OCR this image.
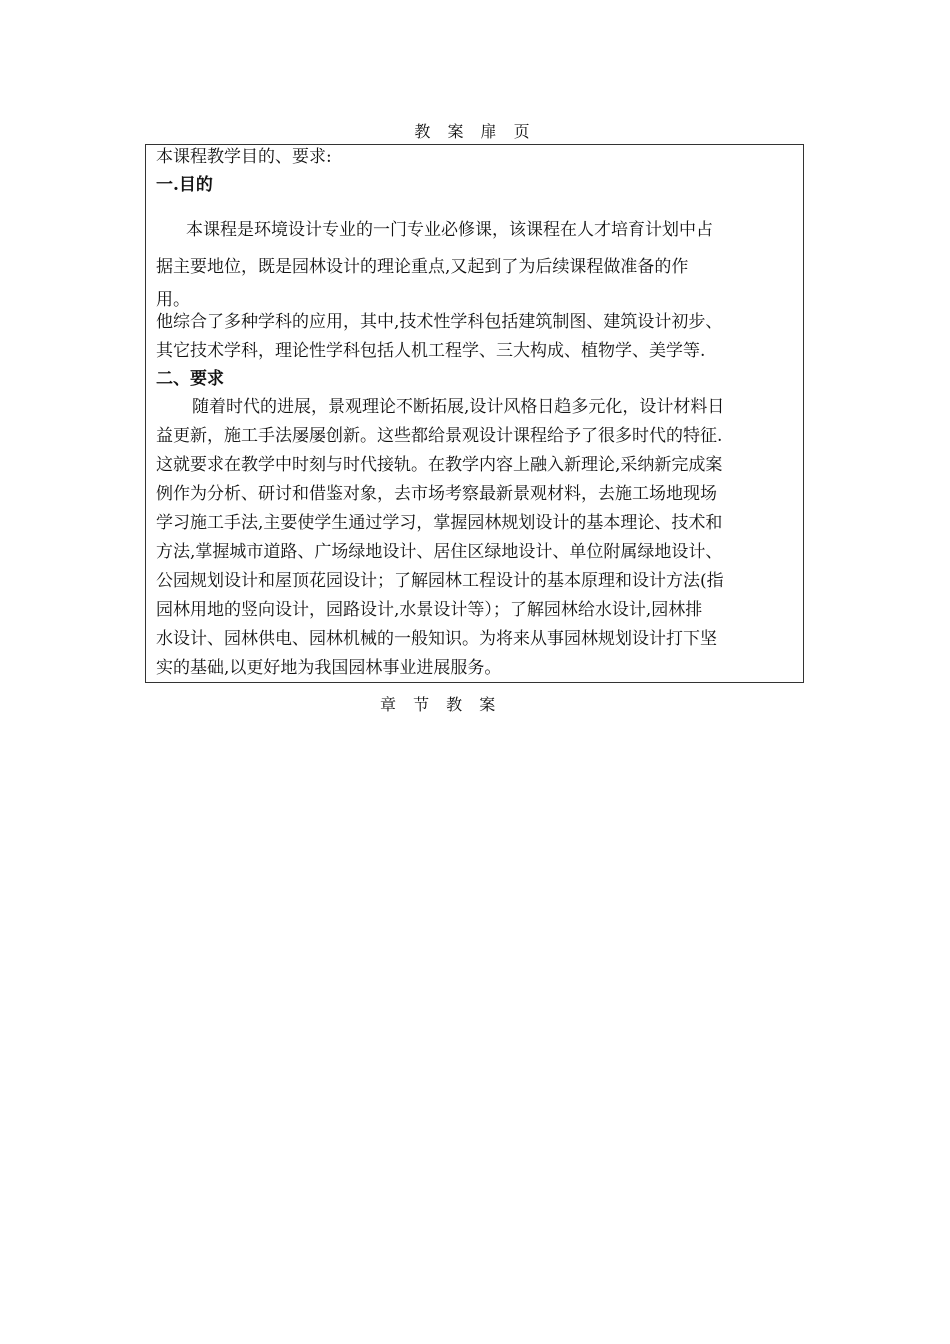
教 案 扉 页
本课程教学目的、要求:
一.目的
本课程是环境设计专业的一门专业必修课，该课程在人才培育计划中占
据主要地位，既是园林设计的理论重点,又起到了为后续课程做准备的作
用。
他综合了多种学科的应用，其中,技术性学科包括建筑制图、建筑设计初步、
其它技术学科，理论性学科包括人机工程学、三大构成、植物学、美学等.
二、要求
随着时代的进展，景观理论不断拓展,设计风格日趋多元化，设计材料日
益更新，施工手法屡屡创新。这些都给景观设计课程给予了很多时代的特征.
这就要求在教学中时刻与时代接轨。在教学内容上融入新理论,采纳新完成案
例作为分析、研讨和借鉴对象，去市场考察最新景观材料，去施工场地现场
学习施工手法,主要使学生通过学习，掌握园林规划设计的基本理论、技术和
方法,掌握城市道路、广场绿地设计、居住区绿地设计、单位附属绿地设计、
公园规划设计和屋顶花园设计；了解园林工程设计的基本原理和设计方法(指
园林用地的竖向设计，园路设计,水景设计等）；了解园林给水设计,园林排
水设计、园林供电、园林机械的一般知识。为将来从事园林规划设计打下坚
实的基础,以更好地为我国园林事业进展服务。
章 节 教 案
